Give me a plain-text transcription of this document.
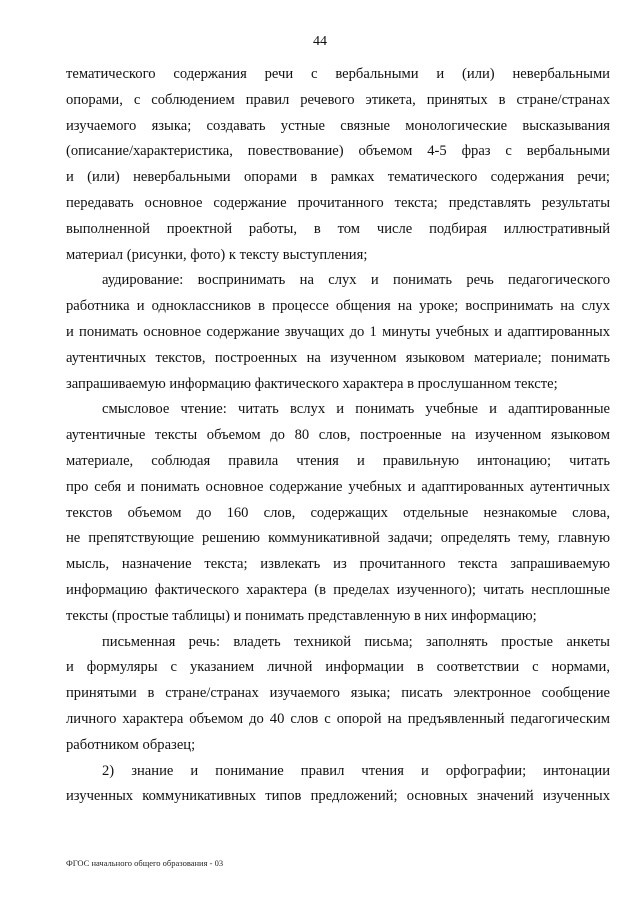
44
тематического содержания речи с вербальными и (или) невербальными
опорами, с соблюдением правил речевого этикета, принятых в стране/странах
изучаемого языка; создавать устные связные монологические высказывания
(описание/характеристика, повествование) объемом 4-5 фраз с вербальными
и (или) невербальными опорами в рамках тематического содержания речи;
передавать основное содержание прочитанного текста; представлять результаты
выполненной проектной работы, в том числе подбирая иллюстративный
материал (рисунки, фото) к тексту выступления;
аудирование: воспринимать на слух и понимать речь педагогического
работника и одноклассников в процессе общения на уроке; воспринимать на слух
и понимать основное содержание звучащих до 1 минуты учебных и адаптированных
аутентичных текстов, построенных на изученном языковом материале; понимать
запрашиваемую информацию фактического характера в прослушанном тексте;
смысловое чтение: читать вслух и понимать учебные и адаптированные
аутентичные тексты объемом до 80 слов, построенные на изученном языковом
материале, соблюдая правила чтения и правильную интонацию; читать
про себя и понимать основное содержание учебных и адаптированных аутентичных
текстов объемом до 160 слов, содержащих отдельные незнакомые слова,
не препятствующие решению коммуникативной задачи; определять тему, главную
мысль, назначение текста; извлекать из прочитанного текста запрашиваемую
информацию фактического характера (в пределах изученного); читать несплошные
тексты (простые таблицы) и понимать представленную в них информацию;
письменная речь: владеть техникой письма; заполнять простые анкеты
и формуляры с указанием личной информации в соответствии с нормами,
принятыми в стране/странах изучаемого языка; писать электронное сообщение
личного характера объемом до 40 слов с опорой на предъявленный педагогическим
работником образец;
2) знание и понимание правил чтения и орфографии; интонации
изученных коммуникативных типов предложений; основных значений изученных
ФГОС начального общего образования - 03
